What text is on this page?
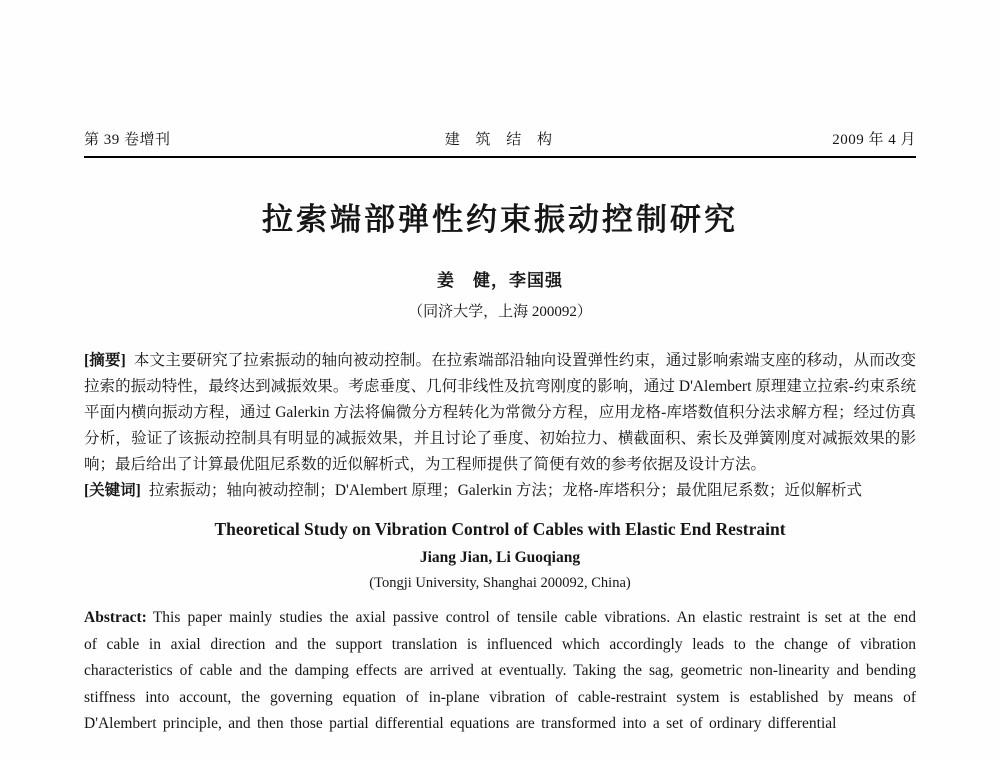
第 39 卷增刊	建 筑 结 构	2009 年 4 月
拉索端部弹性约束振动控制研究
姜　健，李国强
（同济大学，上海 200092）

[摘要] 本文主要研究了拉索振动的轴向被动控制。在拉索端部沿轴向设置弹性约束，通过影响索端支座的移动，从而改变拉索的振动特性，最终达到减振效果。考虑垂度、几何非线性及抗弯刚度的影响，通过 D'Alembert 原理建立拉索-约束系统平面内横向振动方程，通过 Galerkin 方法将偏微分方程转化为常微分方程，应用龙格-库塔数值积分法求解方程；经过仿真分析，验证了该振动控制具有明显的减振效果，并且讨论了垂度、初始拉力、横截面积、索长及弹簧刚度对减振效果的影响；最后给出了计算最优阻尼系数的近似解析式，为工程师提供了简便有效的参考依据及设计方法。

[关键词] 拉索振动；轴向被动控制；D'Alembert 原理；Galerkin 方法；龙格-库塔积分；最优阻尼系数；近似解析式

Theoretical Study on Vibration Control of Cables with Elastic End Restraint
Jiang Jian, Li Guoqiang
(Tongji University, Shanghai 200092, China)

Abstract: This paper mainly studies the axial passive control of tensile cable vibrations. An elastic restraint is set at the end of cable in axial direction and the support translation is influenced which accordingly leads to the change of vibration characteristics of cable and the damping effects are arrived at eventually. Taking the sag, geometric non-linearity and bending stiffness into account, the governing equation of in-plane vibration of cable-restraint system is established by means of D'Alembert principle, and then those partial differential equations are transformed into a set of ordinary differential
